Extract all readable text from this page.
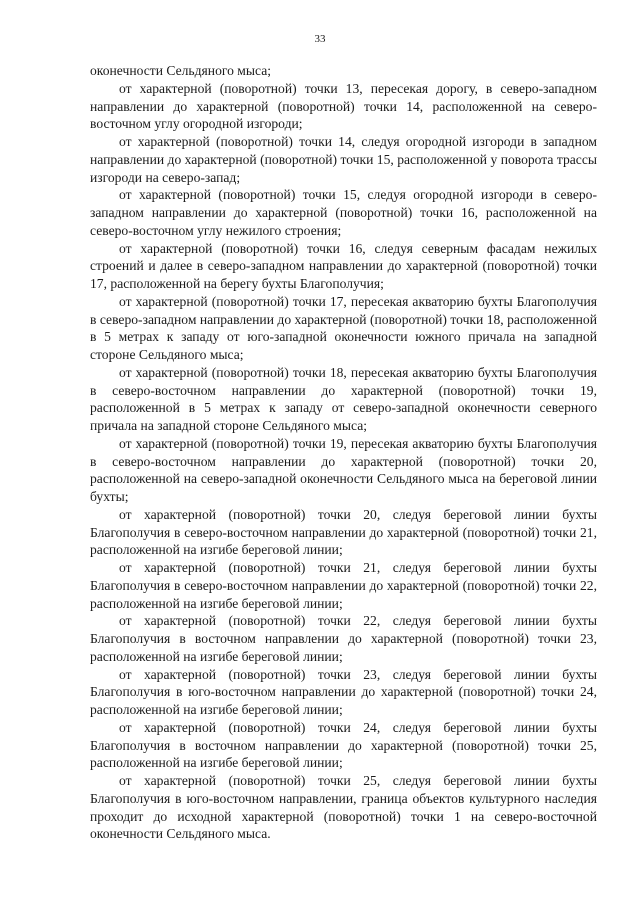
33

оконечности Сельдяного мыса;

от характерной (поворотной) точки 13, пересекая дорогу, в северо-западном направлении до характерной (поворотной) точки 14, расположенной на северо-восточном углу огородной изгороди;

от характерной (поворотной) точки 14, следуя огородной изгороди в западном направлении до характерной (поворотной) точки 15, расположенной у поворота трассы изгороди на северо-запад;

от характерной (поворотной) точки 15, следуя огородной изгороди в северо-западном направлении до характерной (поворотной) точки 16, расположенной на северо-восточном углу нежилого строения;

от характерной (поворотной) точки 16, следуя северным фасадам нежилых строений и далее в северо-западном направлении до характерной (поворотной) точки 17, расположенной на берегу бухты Благополучия;

от характерной (поворотной) точки 17, пересекая акваторию бухты Благополучия в северо-западном направлении до характерной (поворотной) точки 18, расположенной в 5 метрах к западу от юго-западной оконечности южного причала на западной стороне Сельдяного мыса;

от характерной (поворотной) точки 18, пересекая акваторию бухты Благополучия в северо-восточном направлении до характерной (поворотной) точки 19, расположенной в 5 метрах к западу от северо-западной оконечности северного причала на западной стороне Сельдяного мыса;

от характерной (поворотной) точки 19, пересекая акваторию бухты Благополучия в северо-восточном направлении до характерной (поворотной) точки 20, расположенной на северо-западной оконечности Сельдяного мыса на береговой линии бухты;

от характерной (поворотной) точки 20, следуя береговой линии бухты Благополучия в северо-восточном направлении до характерной (поворотной) точки 21, расположенной на изгибе береговой линии;

от характерной (поворотной) точки 21, следуя береговой линии бухты Благополучия в северо-восточном направлении до характерной (поворотной) точки 22, расположенной на изгибе береговой линии;

от характерной (поворотной) точки 22, следуя береговой линии бухты Благополучия в восточном направлении до характерной (поворотной) точки 23, расположенной на изгибе береговой линии;

от характерной (поворотной) точки 23, следуя береговой линии бухты Благополучия в юго-восточном направлении до характерной (поворотной) точки 24, расположенной на изгибе береговой линии;

от характерной (поворотной) точки 24, следуя береговой линии бухты Благополучия в восточном направлении до характерной (поворотной) точки 25, расположенной на изгибе береговой линии;

от характерной (поворотной) точки 25, следуя береговой линии бухты Благополучия в юго-восточном направлении, граница объектов культурного наследия проходит до исходной характерной (поворотной) точки 1 на северо-восточной оконечности Сельдяного мыса.
